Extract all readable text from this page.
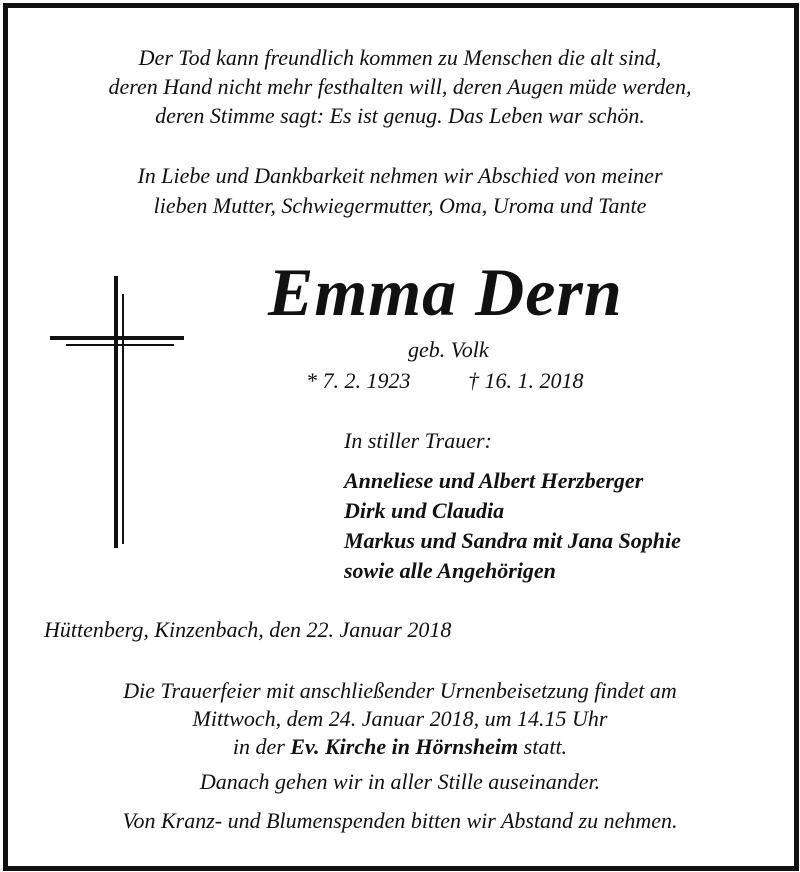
Der Tod kann freundlich kommen zu Menschen die alt sind,
deren Hand nicht mehr festhalten will, deren Augen müde werden,
deren Stimme sagt: Es ist genug. Das Leben war schön.
In Liebe und Dankbarkeit nehmen wir Abschied von meiner
lieben Mutter, Schwiegermutter, Oma, Uroma und Tante
Emma Dern
geb. Volk
* 7. 2. 1923	† 16. 1. 2018
In stiller Trauer:
Anneliese und Albert Herzberger
Dirk und Claudia
Markus und Sandra mit Jana Sophie
sowie alle Angehörigen
Hüttenberg, Kinzenbach, den 22. Januar 2018
Die Trauerfeier mit anschließender Urnenbeisetzung findet am
Mittwoch, dem 24. Januar 2018, um 14.15 Uhr
in der Ev. Kirche in Hörnsheim statt.
Danach gehen wir in aller Stille auseinander.
Von Kranz- und Blumenspenden bitten wir Abstand zu nehmen.
